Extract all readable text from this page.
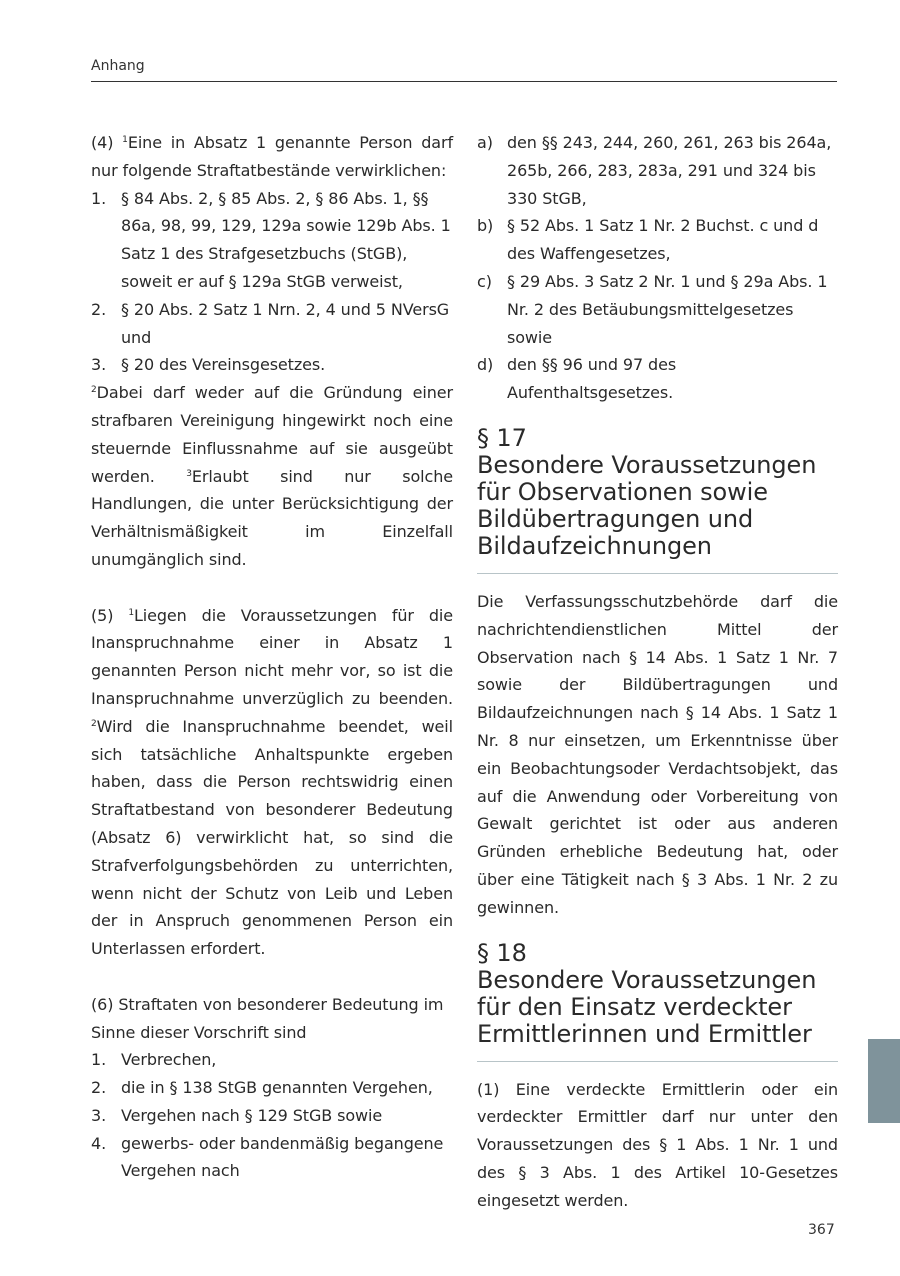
Anhang

(4) $^1$Eine in Absatz 1 genannte Person darf nur folgende Straftatbestände verwirklichen:

1. § 84 Abs. 2, § 85 Abs. 2, § 86 Abs. 1, §§ 86a, 98, 99, 129, 129a sowie 129b Abs. 1 Satz 1 des Strafgesetzbuchs (StGB), soweit er auf § 129a StGB verweist,
2. § 20 Abs. 2 Satz 1 Nrn. 2, 4 und 5 NVersG und
3. § 20 des Vereinsgesetzes.

$^2$Dabei darf weder auf die Gründung einer strafbaren Vereinigung hingewirkt noch eine steuernde Einflussnahme auf sie ausgeübt werden. $^3$Erlaubt sind nur solche Handlungen, die unter Berücksichtigung der Verhältnismäßigkeit im Einzelfall unumgänglich sind.

(5) $^1$Liegen die Voraussetzungen für die Inanspruchnahme einer in Absatz 1 genannten Person nicht mehr vor, so ist die Inanspruchnahme unverzüglich zu beenden. $^2$Wird die Inanspruchnahme beendet, weil sich tatsächliche Anhaltspunkte ergeben haben, dass die Person rechtswidrig einen Straftatbestand von besonderer Bedeutung (Absatz 6) verwirklicht hat, so sind die Strafverfolgungsbehörden zu unterrichten, wenn nicht der Schutz von Leib und Leben der in Anspruch genommenen Person ein Unterlassen erfordert.

(6) Straftaten von besonderer Bedeutung im Sinne dieser Vorschrift sind

1. Verbrechen,
2. die in § 138 StGB genannten Vergehen,
3. Vergehen nach § 129 StGB sowie
4. gewerbs- oder bandenmäßig begangene Vergehen nach
a) den §§ 243, 244, 260, 261, 263 bis 264a, 265b, 266, 283, 283a, 291 und 324 bis 330 StGB,
b) § 52 Abs. 1 Satz 1 Nr. 2 Buchst. c und d des Waffengesetzes,
c) § 29 Abs. 3 Satz 2 Nr. 1 und § 29a Abs. 1 Nr. 2 des Betäubungsmittelgesetzes sowie
d) den §§ 96 und 97 des Aufenthaltsgesetzes.
§ 17
Besondere Voraussetzungen für Observationen sowie Bildübertragungen und Bildaufzeichnungen

Die Verfassungsschutzbehörde darf die nachrichtendienstlichen Mittel der Observation nach § 14 Abs. 1 Satz 1 Nr. 7 sowie der Bildübertragungen und Bildaufzeichnungen nach § 14 Abs. 1 Satz 1 Nr. 8 nur einsetzen, um Erkenntnisse über ein Beobachtungsoder Verdachtsobjekt, das auf die Anwendung oder Vorbereitung von Gewalt gerichtet ist oder aus anderen Gründen erhebliche Bedeutung hat, oder über eine Tätigkeit nach § 3 Abs. 1 Nr. 2 zu gewinnen.

§ 18
Besondere Voraussetzungen für den Einsatz verdeckter Ermittlerinnen und Ermittler

(1) Eine verdeckte Ermittlerin oder ein verdeckter Ermittler darf nur unter den Voraussetzungen des § 1 Abs. 1 Nr. 1 und des § 3 Abs. 1 des Artikel 10-Gesetzes eingesetzt werden.

367
